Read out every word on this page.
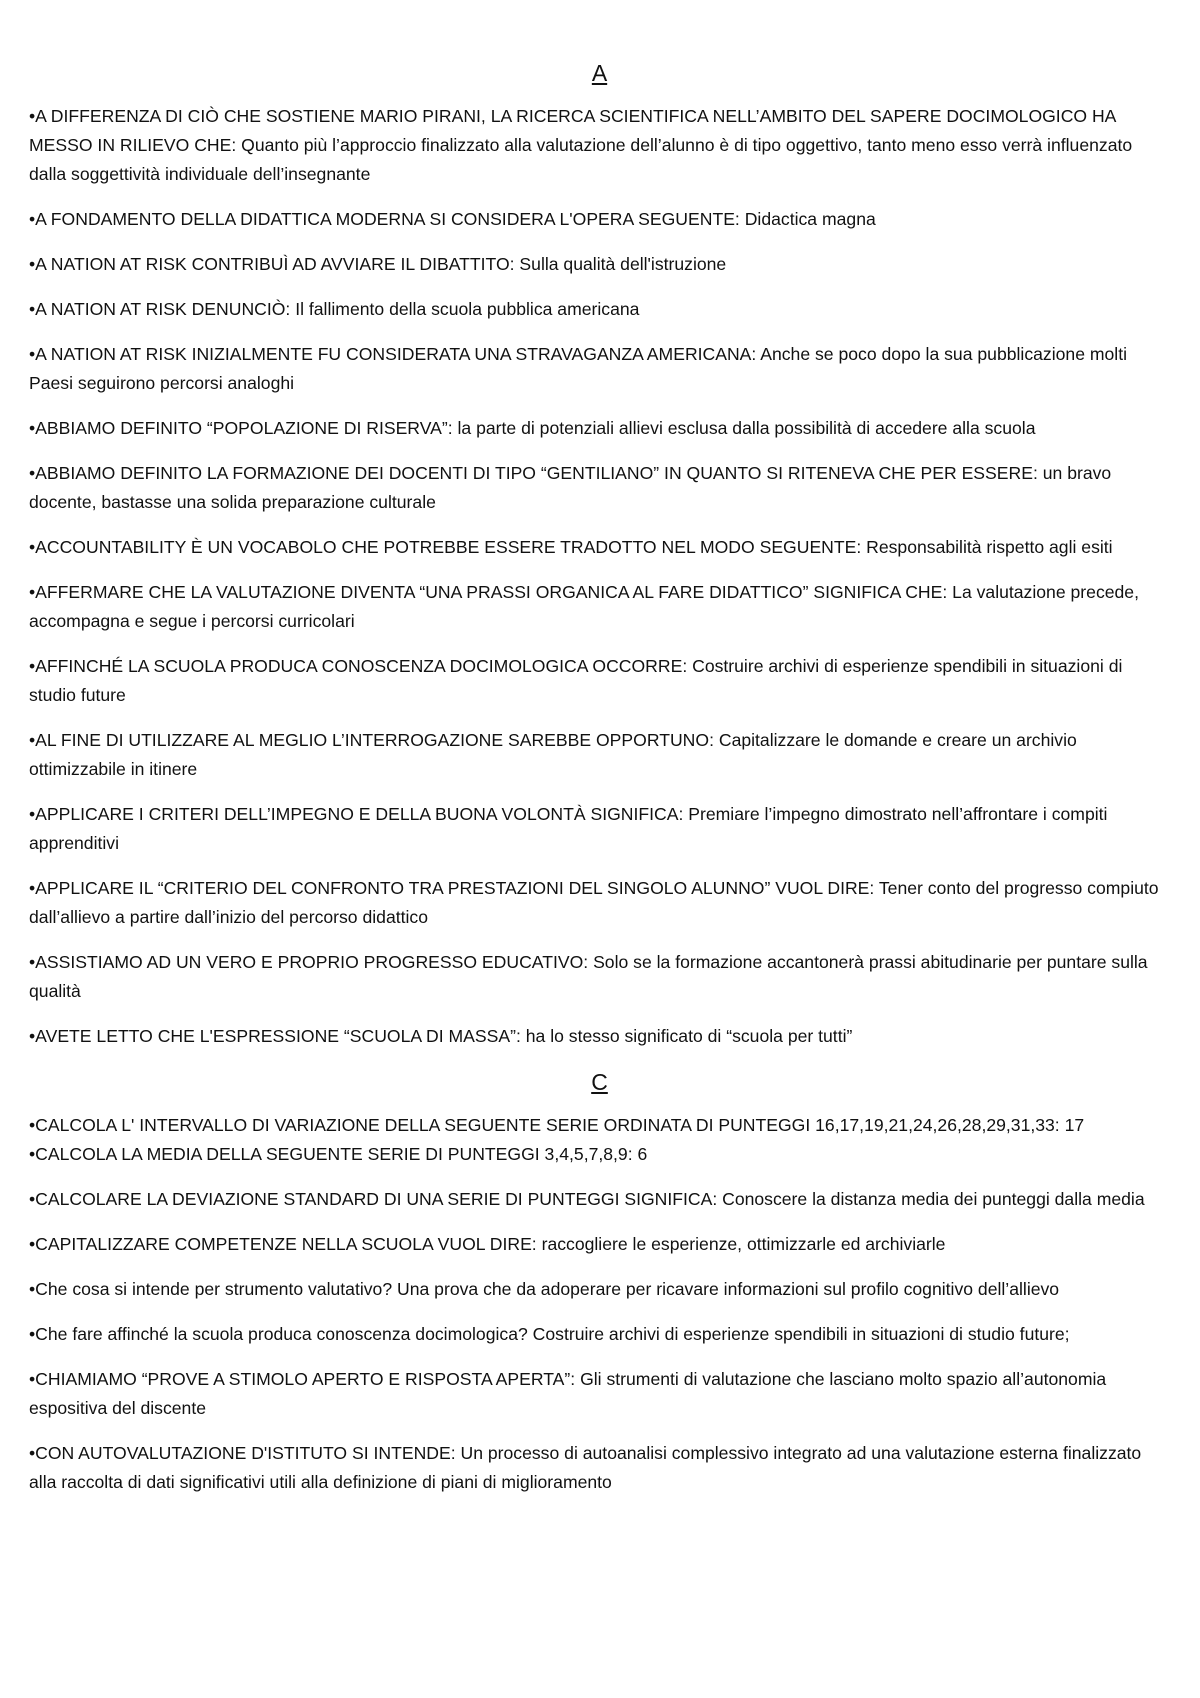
A

•A DIFFERENZA DI CIÒ CHE SOSTIENE MARIO PIRANI, LA RICERCA SCIENTIFICA NELL’AMBITO DEL SAPERE DOCIMOLOGICO HA MESSO IN RILIEVO CHE: Quanto più l’approccio finalizzato alla valutazione dell’alunno è di tipo oggettivo, tanto meno esso verrà influenzato dalla soggettività individuale dell’insegnante

•A FONDAMENTO DELLA DIDATTICA MODERNA SI CONSIDERA L'OPERA SEGUENTE: Didactica magna

•A NATION AT RISK CONTRIBUÌ AD AVVIARE IL DIBATTITO: Sulla qualità dell'istruzione

•A NATION AT RISK DENUNCIÒ: Il fallimento della scuola pubblica americana

•A NATION AT RISK INIZIALMENTE FU CONSIDERATA UNA STRAVAGANZA AMERICANA: Anche se poco dopo la sua pubblicazione molti Paesi seguirono percorsi analoghi

•ABBIAMO DEFINITO “POPOLAZIONE DI RISERVA”: la parte di potenziali allievi esclusa dalla possibilità di accedere alla scuola

•ABBIAMO DEFINITO LA FORMAZIONE DEI DOCENTI DI TIPO “GENTILIANO” IN QUANTO SI RITENEVA CHE PER ESSERE: un bravo docente, bastasse una solida preparazione culturale

•ACCOUNTABILITY È UN VOCABOLO CHE POTREBBE ESSERE TRADOTTO NEL MODO SEGUENTE: Responsabilità rispetto agli esiti

•AFFERMARE CHE LA VALUTAZIONE DIVENTA “UNA PRASSI ORGANICA AL FARE DIDATTICO” SIGNIFICA CHE: La valutazione precede, accompagna e segue i percorsi curricolari

•AFFINCHÉ LA SCUOLA PRODUCA CONOSCENZA DOCIMOLOGICA OCCORRE: Costruire archivi di esperienze spendibili in situazioni di studio future

•AL FINE DI UTILIZZARE AL MEGLIO L’INTERROGAZIONE SAREBBE OPPORTUNO: Capitalizzare le domande e creare un archivio ottimizzabile in itinere

•APPLICARE I CRITERI DELL’IMPEGNO E DELLA BUONA VOLONTÀ SIGNIFICA: Premiare l’impegno dimostrato nell’affrontare i compiti apprenditivi

•APPLICARE IL “CRITERIO DEL CONFRONTO TRA PRESTAZIONI DEL SINGOLO ALUNNO” VUOL DIRE: Tener conto del progresso compiuto dall’allievo a partire dall’inizio del percorso didattico

•ASSISTIAMO AD UN VERO E PROPRIO PROGRESSO EDUCATIVO: Solo se la formazione accantonerà prassi abitudinarie per puntare sulla qualità

•AVETE LETTO CHE L'ESPRESSIONE “SCUOLA DI MASSA”: ha lo stesso significato di “scuola per tutti”

C

•CALCOLA L' INTERVALLO DI VARIAZIONE DELLA SEGUENTE SERIE ORDINATA DI PUNTEGGI 16,17,19,21,24,26,28,29,31,33: 17

•CALCOLA LA MEDIA DELLA SEGUENTE SERIE DI PUNTEGGI 3,4,5,7,8,9: 6

•CALCOLARE LA DEVIAZIONE STANDARD DI UNA SERIE DI PUNTEGGI SIGNIFICA: Conoscere la distanza media dei punteggi dalla media

•CAPITALIZZARE COMPETENZE NELLA SCUOLA VUOL DIRE: raccogliere le esperienze, ottimizzarle ed archiviarle

•Che cosa si intende per strumento valutativo? Una prova che da adoperare per ricavare informazioni sul profilo cognitivo dell’allievo

•Che fare affinché la scuola produca conoscenza docimologica? Costruire archivi di esperienze spendibili in situazioni di studio future;

•CHIAMIAMO “PROVE A STIMOLO APERTO E RISPOSTA APERTA”: Gli strumenti di valutazione che lasciano molto spazio all’autonomia espositiva del discente

•CON AUTOVALUTAZIONE D'ISTITUTO SI INTENDE: Un processo di autoanalisi complessivo integrato ad una valutazione esterna finalizzato alla raccolta di dati significativi utili alla definizione di piani di miglioramento
